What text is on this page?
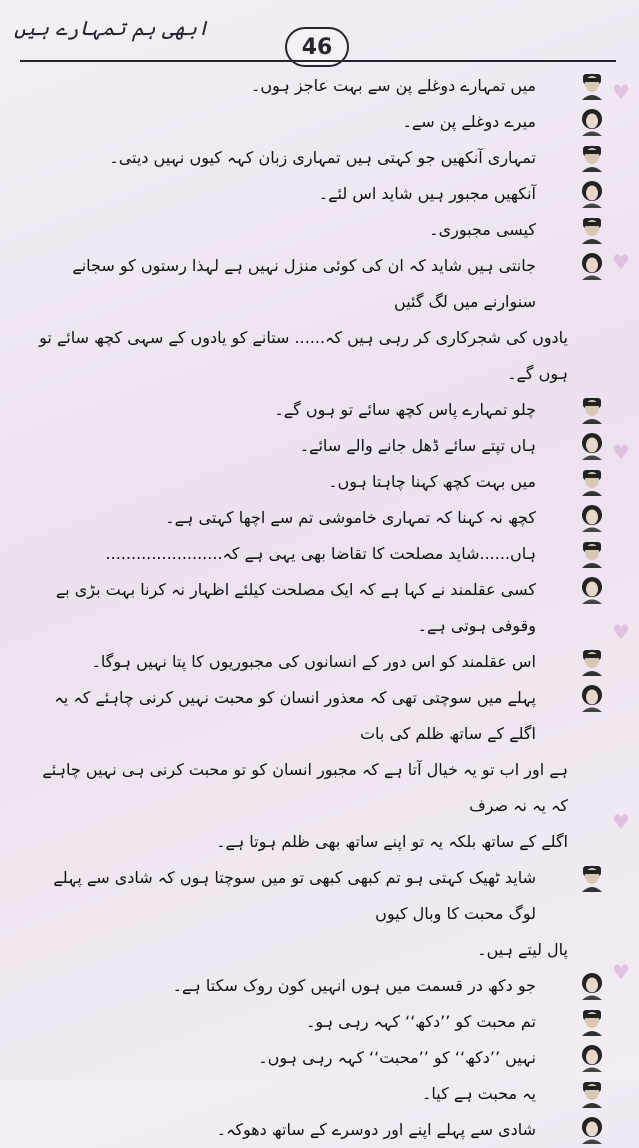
ابھی ہم تمہارے ہیں
46
♥
♥
♥
♥
♥
♥
میں تمہارے دوغلے پن سے بہت عاجز ہوں۔
میرے دوغلے پن سے۔
تمہاری آنکھیں جو کہتی ہیں تمہاری زبان کہہ کیوں نہیں دیتی۔
آنکھیں مجبور ہیں شاید اس لئے۔
کیسی مجبوری۔
جانتی ہیں شاید کہ ان کی کوئی منزل نہیں ہے لہذا رستوں کو سجانے سنوارنے میں لگ گئیں
یادوں کی شجرکاری کر رہی ہیں کہ...... ستانے کو یادوں کے سہی کچھ سائے تو ہوں گے۔
چلو تمہارے پاس کچھ سائے تو ہوں گے۔
ہاں تپتے سائے ڈھل جانے والے سائے۔
میں بہت کچھ کہنا چاہتا ہوں۔
کچھ نہ کہنا کہ تمہاری خاموشی تم سے اچھا کہتی ہے۔
ہاں......شاید مصلحت کا تقاضا بھی یہی ہے کہ.......................
کسی عقلمند نے کہا ہے کہ ایک مصلحت کیلئے اظہار نہ کرنا بہت بڑی بے وقوفی ہوتی ہے۔
اس عقلمند کو اس دور کے انسانوں کی مجبوریوں کا پتا نہیں ہوگا۔
پہلے میں سوچتی تھی کہ معذور انسان کو محبت نہیں کرنی چاہئے کہ یہ اگلے کے ساتھ ظلم کی بات
ہے اور اب تو یہ خیال آتا ہے کہ مجبور انسان کو تو محبت کرنی ہی نہیں چاہئے کہ یہ نہ صرف
اگلے کے ساتھ بلکہ یہ تو اپنے ساتھ بھی ظلم ہوتا ہے۔
شاید ٹھیک کہتی ہو تم کبھی کبھی تو میں سوچتا ہوں کہ شادی سے پہلے لوگ محبت کا وبال کیوں
پال لیتے ہیں۔
جو دکھ در قسمت میں ہوں انہیں کون روک سکتا ہے۔
تم محبت کو ’’دکھ‘‘ کہہ رہی ہو۔
نہیں ’’دکھ‘‘ کو ’’محبت‘‘ کہہ رہی ہوں۔
یہ محبت ہے کیا۔
شادی سے پہلے اپنے اور دوسرے کے ساتھ دھوکہ۔
